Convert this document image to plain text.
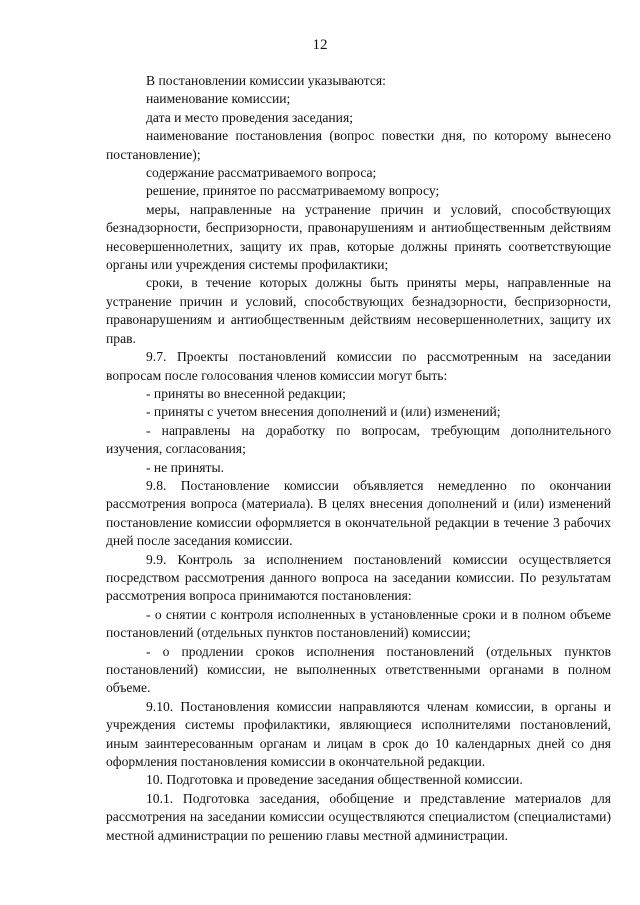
12

В постановлении комиссии указываются:

наименование комиссии;

дата и место проведения заседания;

наименование постановления (вопрос повестки дня, по которому вынесено постановление);

содержание рассматриваемого вопроса;

решение, принятое по рассматриваемому вопросу;

меры, направленные на устранение причин и условий, способствующих безнадзорности, беспризорности, правонарушениям и антиобщественным действиям несовершеннолетних, защиту их прав, которые должны принять соответствующие органы или учреждения системы профилактики;

сроки, в течение которых должны быть приняты меры, направленные на устранение причин и условий, способствующих безнадзорности, беспризорности, правонарушениям и антиобщественным действиям несовершеннолетних, защиту их прав.

9.7. Проекты постановлений комиссии по рассмотренным на заседании вопросам после голосования членов комиссии могут быть:

- приняты во внесенной редакции;

- приняты с учетом внесения дополнений и (или) изменений;

- направлены на доработку по вопросам, требующим дополнительного изучения, согласования;

- не приняты.

9.8. Постановление комиссии объявляется немедленно по окончании рассмотрения вопроса (материала). В целях внесения дополнений и (или) изменений постановление комиссии оформляется в окончательной редакции в течение 3 рабочих дней после заседания комиссии.

9.9. Контроль за исполнением постановлений комиссии осуществляется посредством рассмотрения данного вопроса на заседании комиссии. По результатам рассмотрения вопроса принимаются постановления:

- о снятии с контроля исполненных в установленные сроки и в полном объеме постановлений (отдельных пунктов постановлений) комиссии;

- о продлении сроков исполнения постановлений (отдельных пунктов постановлений) комиссии, не выполненных ответственными органами в полном объеме.

9.10. Постановления комиссии направляются членам комиссии, в органы и учреждения системы профилактики, являющиеся исполнителями постановлений, иным заинтересованным органам и лицам в срок до 10 календарных дней со дня оформления постановления комиссии в окончательной редакции.

10. Подготовка и проведение заседания общественной комиссии.

10.1. Подготовка заседания, обобщение и представление материалов для рассмотрения на заседании комиссии осуществляются специалистом (специалистами) местной администрации по решению главы местной администрации.
